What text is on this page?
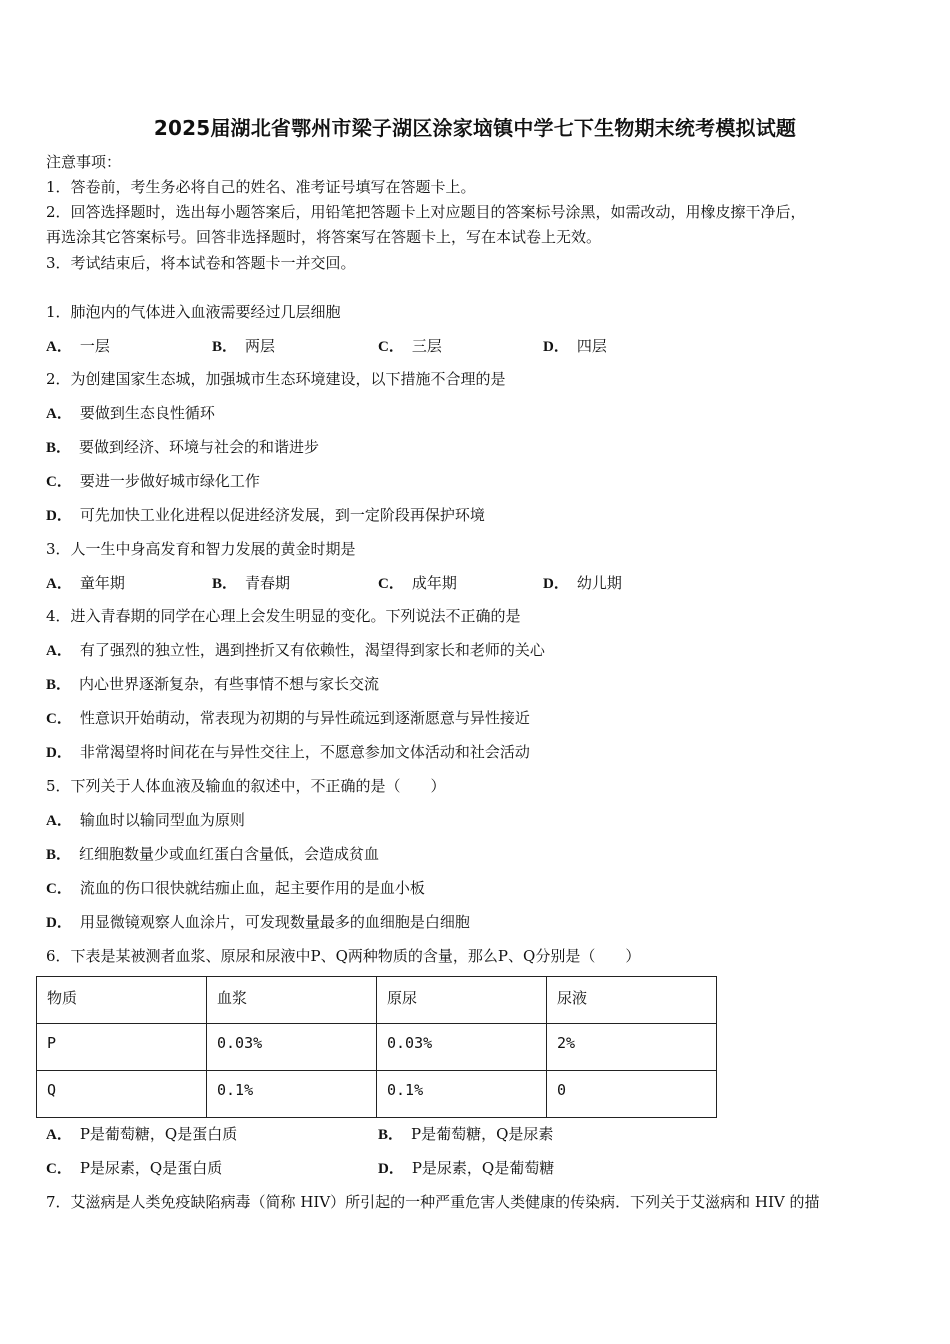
2025届湖北省鄂州市梁子湖区涂家垴镇中学七下生物期末统考模拟试题
注意事项：
1．答卷前，考生务必将自己的姓名、准考证号填写在答题卡上。
2．回答选择题时，选出每小题答案后，用铅笔把答题卡上对应题目的答案标号涂黑，如需改动，用橡皮擦干净后，
再选涂其它答案标号。回答非选择题时，将答案写在答题卡上，写在本试卷上无效。
3．考试结束后，将本试卷和答题卡一并交回。
1．肺泡内的气体进入血液需要经过几层细胞
A． 一层	B． 两层	C． 三层	D． 四层
2．为创建国家生态城，加强城市生态环境建设，以下措施不合理的是
A． 要做到生态良性循环
B． 要做到经济、环境与社会的和谐进步
C． 要进一步做好城市绿化工作
D． 可先加快工业化进程以促进经济发展，到一定阶段再保护环境
3．人一生中身高发育和智力发展的黄金时期是
A． 童年期	B． 青春期	C． 成年期	D． 幼儿期
4．进入青春期的同学在心理上会发生明显的变化。下列说法不正确的是
A． 有了强烈的独立性，遇到挫折又有依赖性，渴望得到家长和老师的关心
B． 内心世界逐渐复杂，有些事情不想与家长交流
C． 性意识开始萌动，常表现为初期的与异性疏远到逐渐愿意与异性接近
D． 非常渴望将时间花在与异性交往上，不愿意参加文体活动和社会活动
5．下列关于人体血液及输血的叙述中，不正确的是（　　）
A． 输血时以输同型血为原则
B． 红细胞数量少或血红蛋白含量低，会造成贫血
C． 流血的伤口很快就结痂止血，起主要作用的是血小板
D． 用显微镜观察人血涂片，可发现数量最多的血细胞是白细胞
6．下表是某被测者血浆、原尿和尿液中P、Q两种物质的含量，那么P、Q分别是（　　）
物质	血浆	原尿	尿液
P	0.03%	0.03%	2%
Q	0.1%	0.1%	0
A． P是葡萄糖，Q是蛋白质	B． P是葡萄糖，Q是尿素
C． P是尿素，Q是蛋白质	D． P是尿素，Q是葡萄糖
7．艾滋病是人类免疫缺陷病毒（简称 HIV）所引起的一种严重危害人类健康的传染病．下列关于艾滋病和 HIV 的描
